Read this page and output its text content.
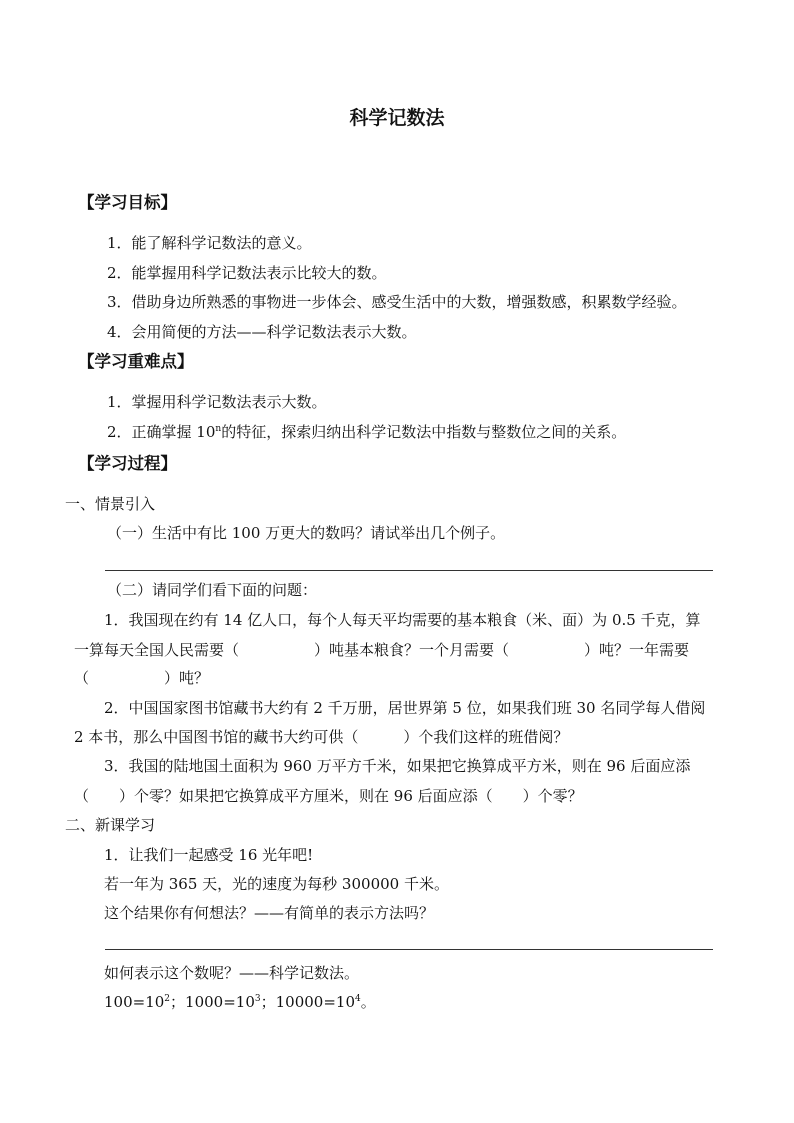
科学记数法
【学习目标】
1．能了解科学记数法的意义。
2．能掌握用科学记数法表示比较大的数。
3．借助身边所熟悉的事物进一步体会、感受生活中的大数，增强数感，积累数学经验。
4．会用简便的方法——科学记数法表示大数。
【学习重难点】
1．掌握用科学记数法表示大数。
2．正确掌握 10$^n$的特征，探索归纳出科学记数法中指数与整数位之间的关系。
【学习过程】
一、情景引入
（一）生活中有比 100 万更大的数吗？请试举出几个例子。
（二）请同学们看下面的问题：
1．我国现在约有 14 亿人口，每个人每天平均需要的基本粮食（米、面）为 0.5 千克，算
一算每天全国人民需要（　　　　　）吨基本粮食？一个月需要（　　　　　）吨？一年需要
（　　　　　）吨？
2．中国国家图书馆藏书大约有 2 千万册，居世界第 5 位，如果我们班 30 名同学每人借阅
2 本书，那么中国图书馆的藏书大约可供（　　　）个我们这样的班借阅？
3．我国的陆地国土面积为 960 万平方千米，如果把它换算成平方米，则在 96 后面应添
（　　）个零？如果把它换算成平方厘米，则在 96 后面应添（　　）个零？
二、新课学习
1．让我们一起感受 16 光年吧!
若一年为 365 天，光的速度为每秒 300000 千米。
这个结果你有何想法？——有简单的表示方法吗？
如何表示这个数呢？——科学记数法。
$100=10^2$；$1000=10^3$；$10000=10^4$。
